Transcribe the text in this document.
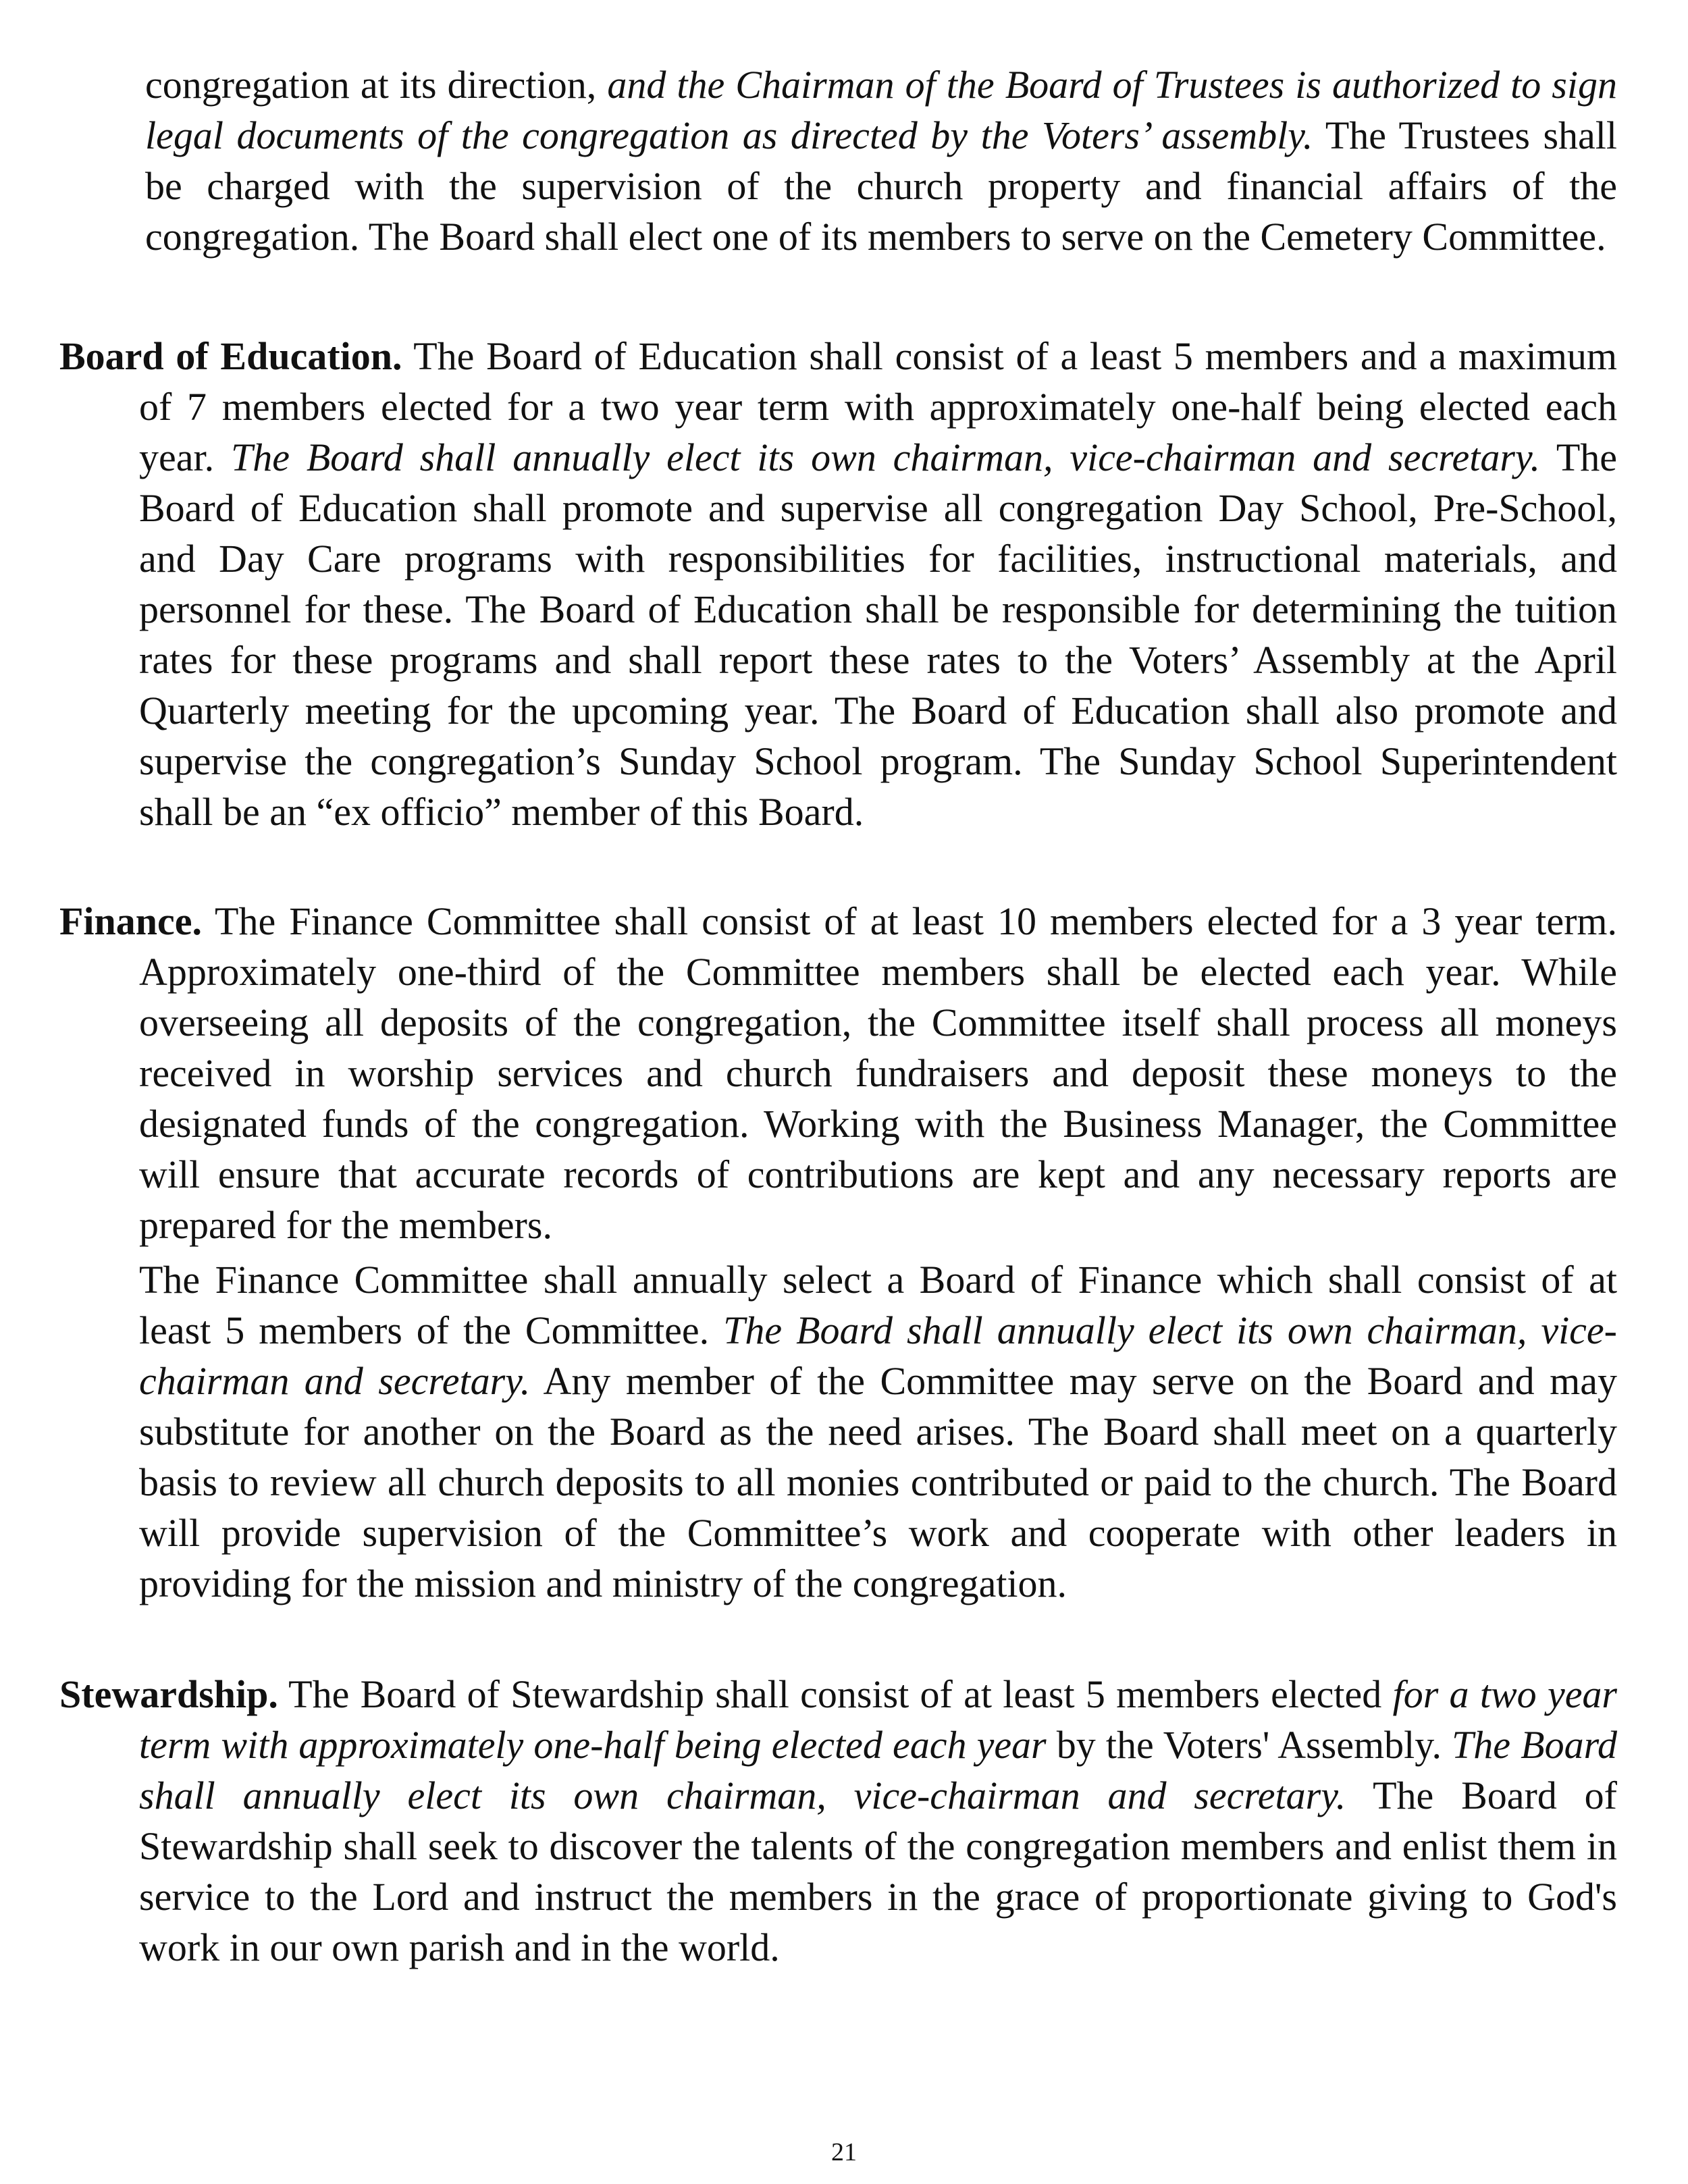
congregation at its direction, and the Chairman of the Board of Trustees is authorized to sign legal documents of the congregation as directed by the Voters’ assembly. The Trustees shall be charged with the supervision of the church property and financial affairs of the congregation. The Board shall elect one of its members to serve on the Cemetery Committee.

Board of Education. The Board of Education shall consist of a least 5 members and a maximum of 7 members elected for a two year term with approximately one-half being elected each year. The Board shall annually elect its own chairman, vice-chairman and secretary. The Board of Education shall promote and supervise all congregation Day School, Pre-School, and Day Care programs with responsibilities for facilities, instructional materials, and personnel for these. The Board of Education shall be responsible for determining the tuition rates for these programs and shall report these rates to the Voters’ Assembly at the April Quarterly meeting for the upcoming year. The Board of Education shall also promote and supervise the congregation’s Sunday School program. The Sunday School Superintendent shall be an “ex officio” member of this Board.

Finance. The Finance Committee shall consist of at least 10 members elected for a 3 year term. Approximately one-third of the Committee members shall be elected each year. While overseeing all deposits of the congregation, the Committee itself shall process all moneys received in worship services and church fundraisers and deposit these moneys to the designated funds of the congregation. Working with the Business Manager, the Committee will ensure that accurate records of contributions are kept and any necessary reports are prepared for the members.

The Finance Committee shall annually select a Board of Finance which shall consist of at least 5 members of the Committee. The Board shall annually elect its own chairman, vice-chairman and secretary. Any member of the Committee may serve on the Board and may substitute for another on the Board as the need arises. The Board shall meet on a quarterly basis to review all church deposits to all monies contributed or paid to the church. The Board will provide supervision of the Committee’s work and cooperate with other leaders in providing for the mission and ministry of the congregation.

Stewardship. The Board of Stewardship shall consist of at least 5 members elected for a two year term with approximately one-half being elected each year by the Voters' Assembly. The Board shall annually elect its own chairman, vice-chairman and secretary. The Board of Stewardship shall seek to discover the talents of the congregation members and enlist them in service to the Lord and instruct the members in the grace of proportionate giving to God's work in our own parish and in the world.

21
